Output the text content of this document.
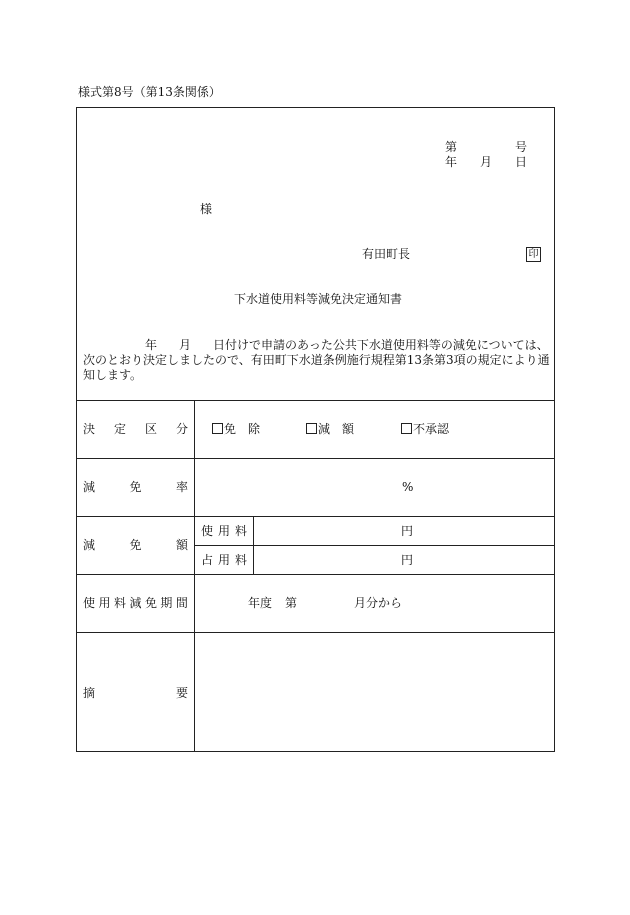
様式第8号（第13条関係）
第	号
年 月 日
様
有田町長	印
下水道使用料等減免決定通知書
年 月 日付けで申請のあった公共下水道使用料等の減免については、次のとおり決定しましたので、有田町下水道条例施行規程第13条第3項の規定により通知します。
決 定 区 分	免　除	減　額	不承認
減	免	率	%
減	免	額
使 用 料	円
占 用 料	円
使 用 料 減 免 期 間	年度 第	月分から
摘	要
